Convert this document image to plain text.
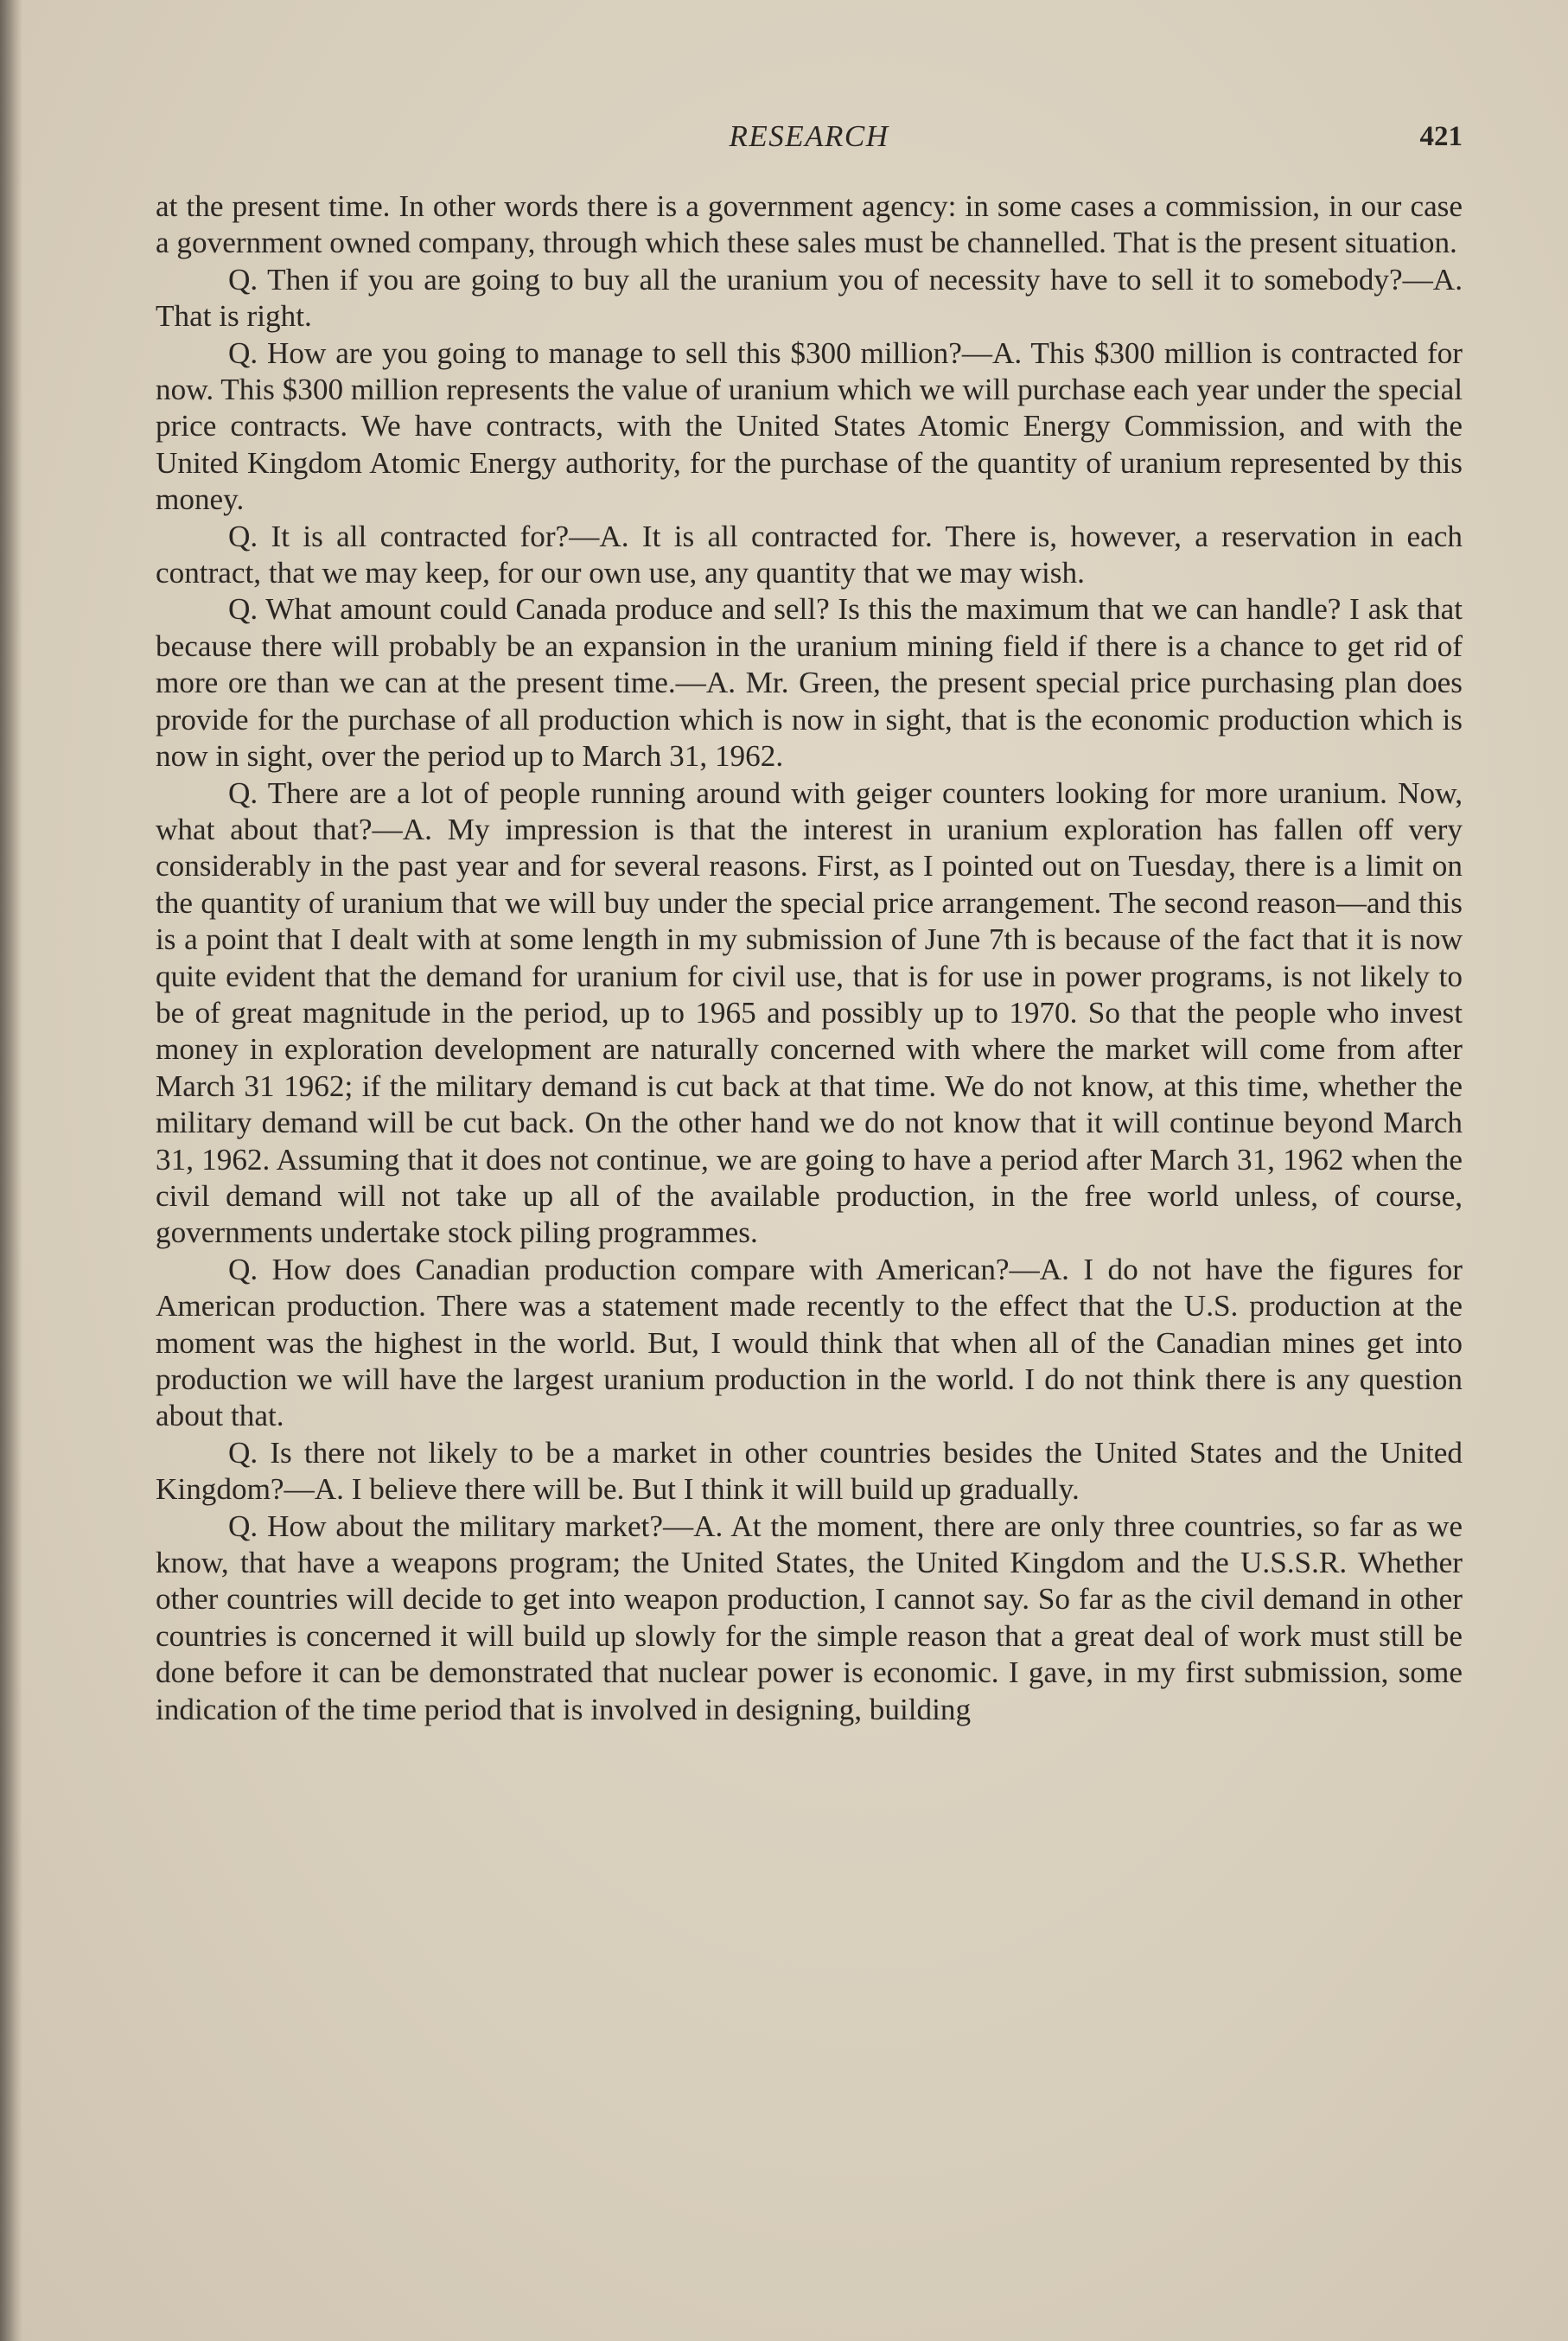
RESEARCH	421

at the present time. In other words there is a government agency: in some cases a commission, in our case a government owned company, through which these sales must be channelled. That is the present situation.

Q. Then if you are going to buy all the uranium you of necessity have to sell it to somebody?—A. That is right.

Q. How are you going to manage to sell this $300 million?—A. This $300 million is contracted for now. This $300 million represents the value of uranium which we will purchase each year under the special price contracts. We have contracts, with the United States Atomic Energy Commission, and with the United Kingdom Atomic Energy authority, for the purchase of the quantity of uranium represented by this money.

Q. It is all contracted for?—A. It is all contracted for. There is, however, a reservation in each contract, that we may keep, for our own use, any quantity that we may wish.

Q. What amount could Canada produce and sell? Is this the maximum that we can handle? I ask that because there will probably be an expansion in the uranium mining field if there is a chance to get rid of more ore than we can at the present time.—A. Mr. Green, the present special price purchasing plan does provide for the purchase of all production which is now in sight, that is the economic production which is now in sight, over the period up to March 31, 1962.

Q. There are a lot of people running around with geiger counters looking for more uranium. Now, what about that?—A. My impression is that the interest in uranium exploration has fallen off very considerably in the past year and for several reasons. First, as I pointed out on Tuesday, there is a limit on the quantity of uranium that we will buy under the special price arrangement. The second reason—and this is a point that I dealt with at some length in my submission of June 7th is because of the fact that it is now quite evident that the demand for uranium for civil use, that is for use in power programs, is not likely to be of great magnitude in the period, up to 1965 and possibly up to 1970. So that the people who invest money in exploration development are naturally concerned with where the market will come from after March 31 1962; if the military demand is cut back at that time. We do not know, at this time, whether the military demand will be cut back. On the other hand we do not know that it will continue beyond March 31, 1962. Assuming that it does not continue, we are going to have a period after March 31, 1962 when the civil demand will not take up all of the available production, in the free world unless, of course, governments undertake stock piling programmes.

Q. How does Canadian production compare with American?—A. I do not have the figures for American production. There was a statement made recently to the effect that the U.S. production at the moment was the highest in the world. But, I would think that when all of the Canadian mines get into production we will have the largest uranium production in the world. I do not think there is any question about that.

Q. Is there not likely to be a market in other countries besides the United States and the United Kingdom?—A. I believe there will be. But I think it will build up gradually.

Q. How about the military market?—A. At the moment, there are only three countries, so far as we know, that have a weapons program; the United States, the United Kingdom and the U.S.S.R. Whether other countries will decide to get into weapon production, I cannot say. So far as the civil demand in other countries is concerned it will build up slowly for the simple reason that a great deal of work must still be done before it can be demonstrated that nuclear power is economic. I gave, in my first submission, some indication of the time period that is involved in designing, building
